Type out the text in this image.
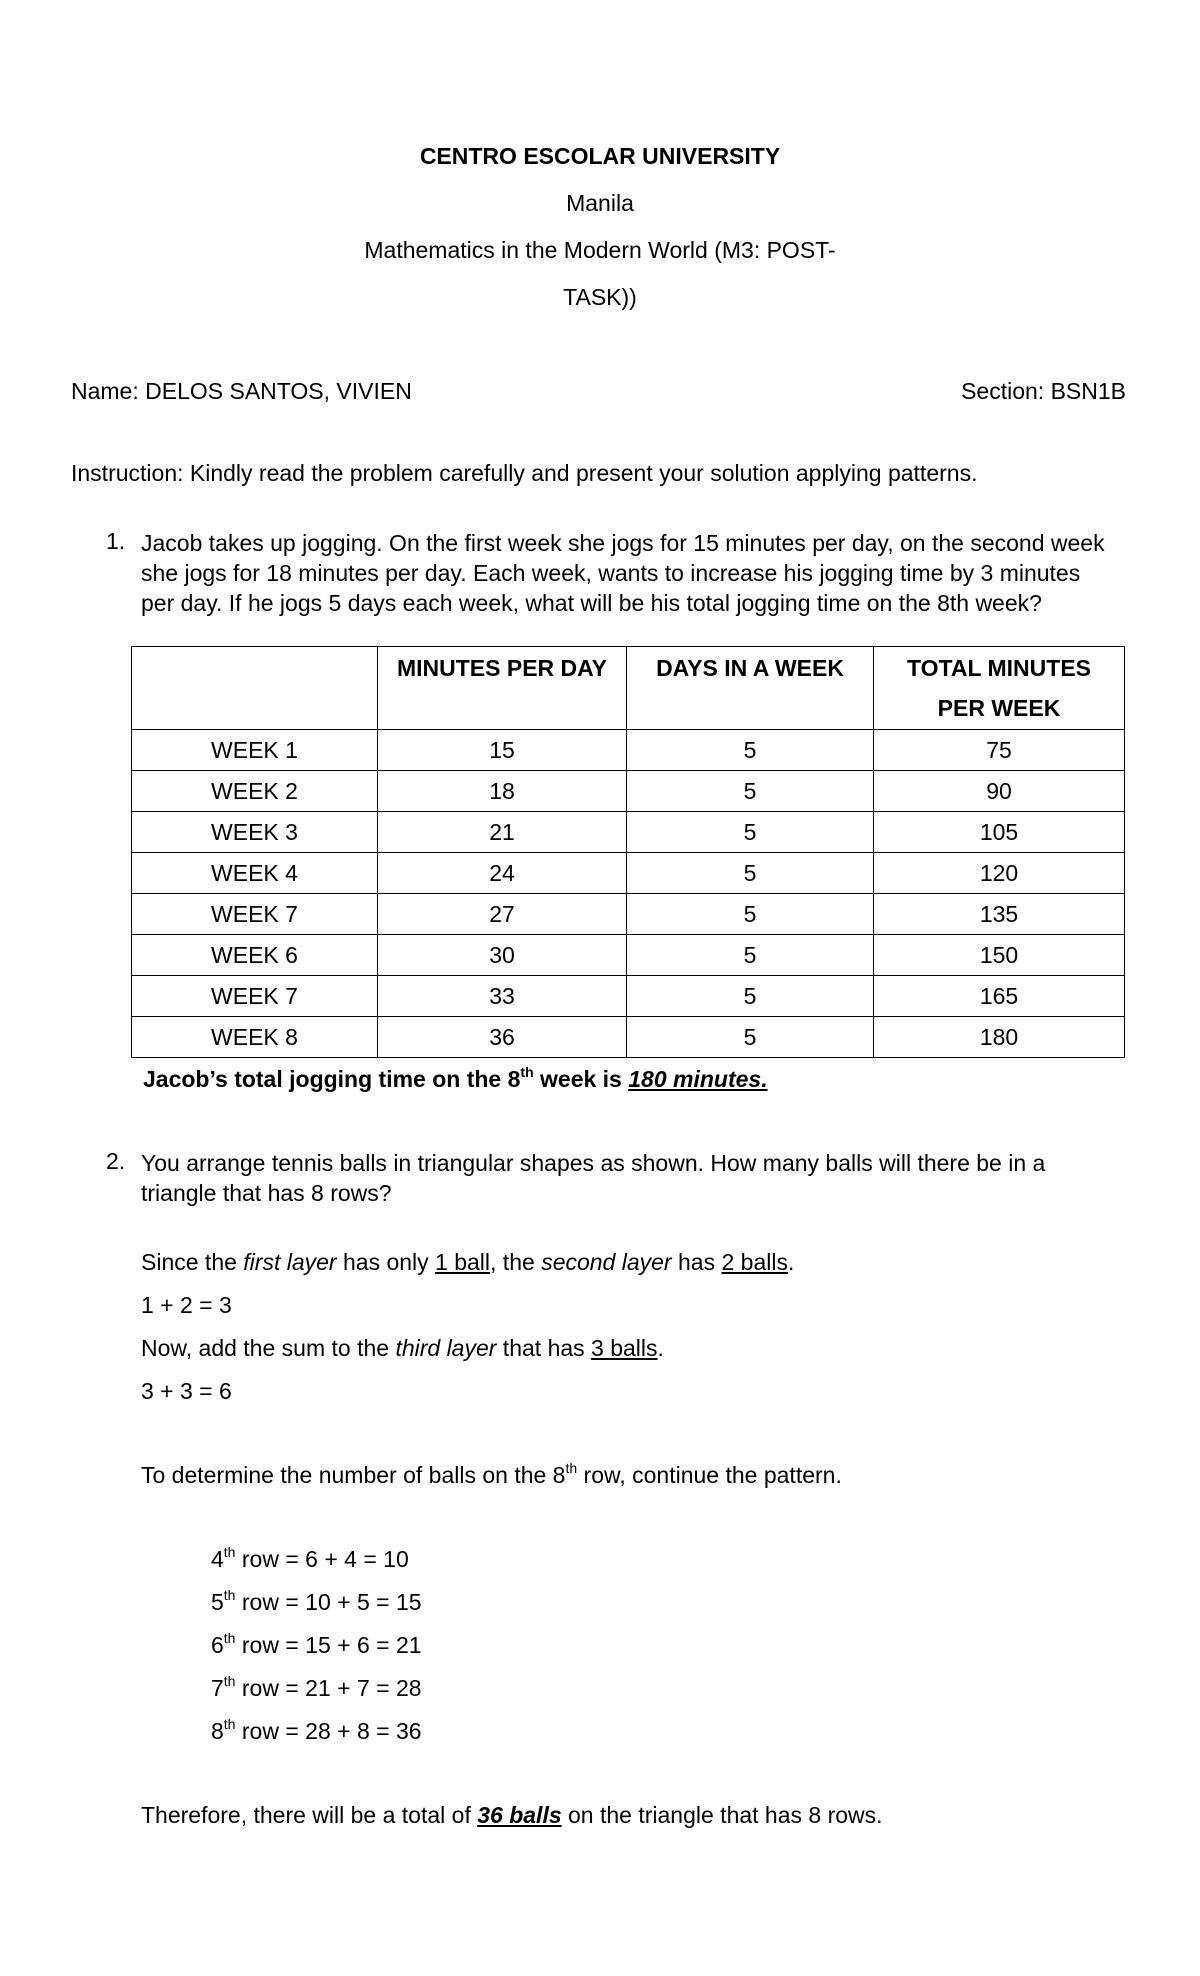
CENTRO ESCOLAR UNIVERSITY
Manila
Mathematics in the Modern World (M3: POST-
TASK))
Name: DELOS SANTOS, VIVIEN	Section: BSN1B
Instruction: Kindly read the problem carefully and present your solution applying patterns.
1. Jacob takes up jogging. On the first week she jogs for 15 minutes per day, on the second week
she jogs for 18 minutes per day. Each week, wants to increase his jogging time by 3 minutes
per day. If he jogs 5 days each week, what will be his total jogging time on the 8th week?
	MINUTES PER DAY	DAYS IN A WEEK	TOTAL MINUTES
PER WEEK

WEEK 1	15	5	75
WEEK 2	18	5	90
WEEK 3	21	5	105
WEEK 4	24	5	120
WEEK 7	27	5	135
WEEK 6	30	5	150
WEEK 7	33	5	165
WEEK 8	36	5	180
Jacob’s total jogging time on the 8th week is 180 minutes.
2. You arrange tennis balls in triangular shapes as shown. How many balls will there be in a
triangle that has 8 rows?
Since the first layer has only 1 ball, the second layer has 2 balls.
1 + 2 = 3
Now, add the sum to the third layer that has 3 balls.
3 + 3 = 6
To determine the number of balls on the 8th row, continue the pattern.
4th row = 6 + 4 = 10
5th row = 10 + 5 = 15
6th row = 15 + 6 = 21
7th row = 21 + 7 = 28
8th row = 28 + 8 = 36
Therefore, there will be a total of 36 balls on the triangle that has 8 rows.
